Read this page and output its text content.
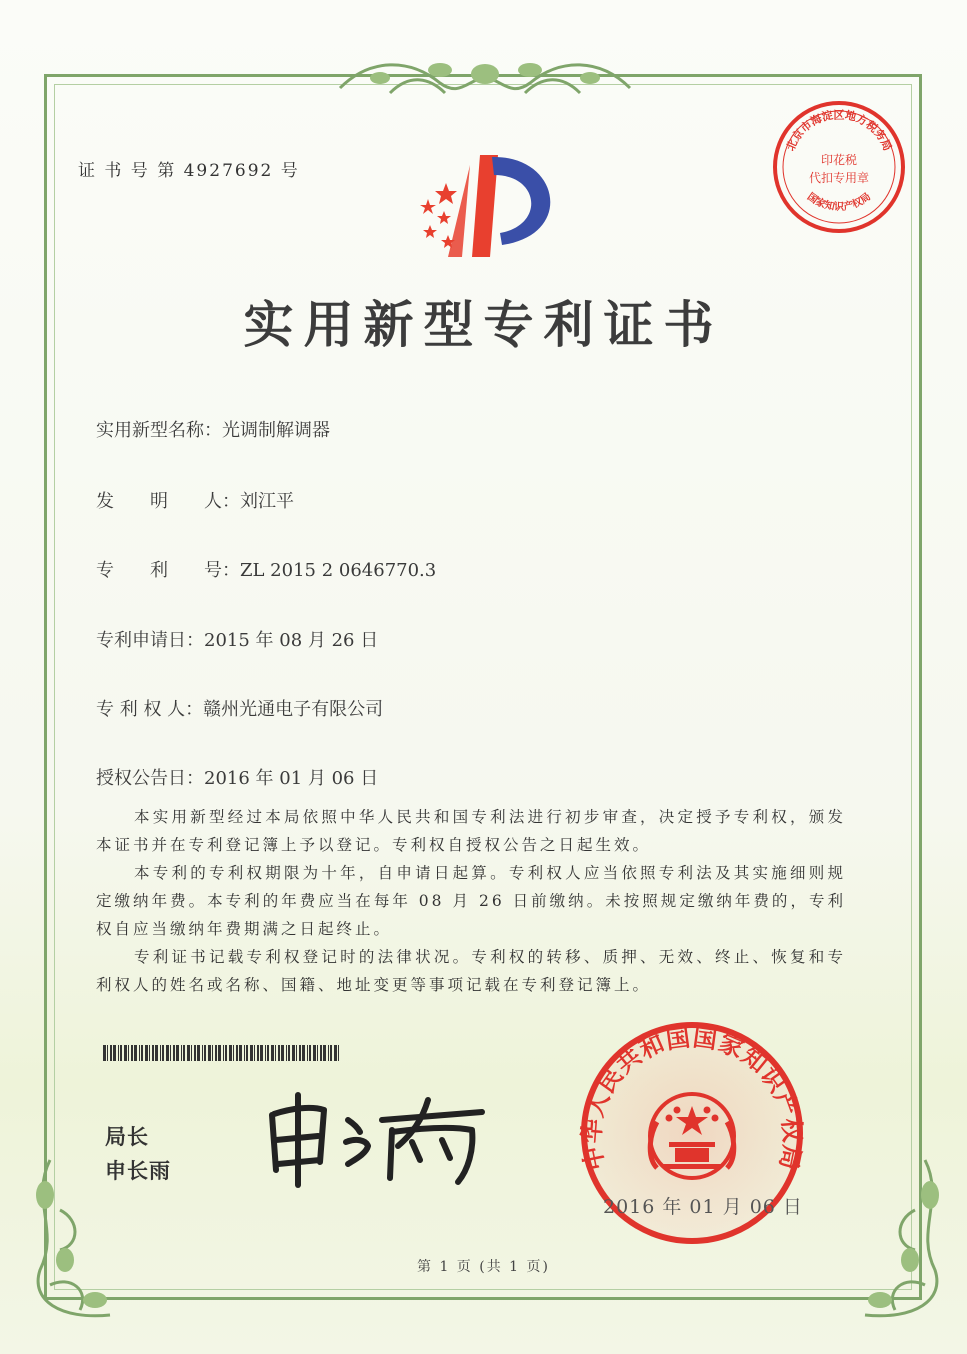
证 书 号 第 4927692 号
北京市海淀区地方税务局
国家知识产权局
印花税
代扣专用章
实用新型专利证书
实用新型名称：光调制解调器
发　　明　　人：刘江平
专　　利　　号：ZL 2015 2 0646770.3
专利申请日：2015 年 08 月 26 日
专 利 权 人：赣州光通电子有限公司
授权公告日：2016 年 01 月 06 日

本实用新型经过本局依照中华人民共和国专利法进行初步审查，决定授予专利权，颁发本证书并在专利登记簿上予以登记。专利权自授权公告之日起生效。

本专利的专利权期限为十年，自申请日起算。专利权人应当依照专利法及其实施细则规定缴纳年费。本专利的年费应当在每年 08 月 26 日前缴纳。未按照规定缴纳年费的，专利权自应当缴纳年费期满之日起终止。

专利证书记载专利权登记时的法律状况。专利权的转移、质押、无效、终止、恢复和专利权人的姓名或名称、国籍、地址变更等事项记载在专利登记簿上。

局长
申长雨	中华人民共和国国家知识产权局
2016 年 01 月 06 日
第 1 页 (共 1 页)
